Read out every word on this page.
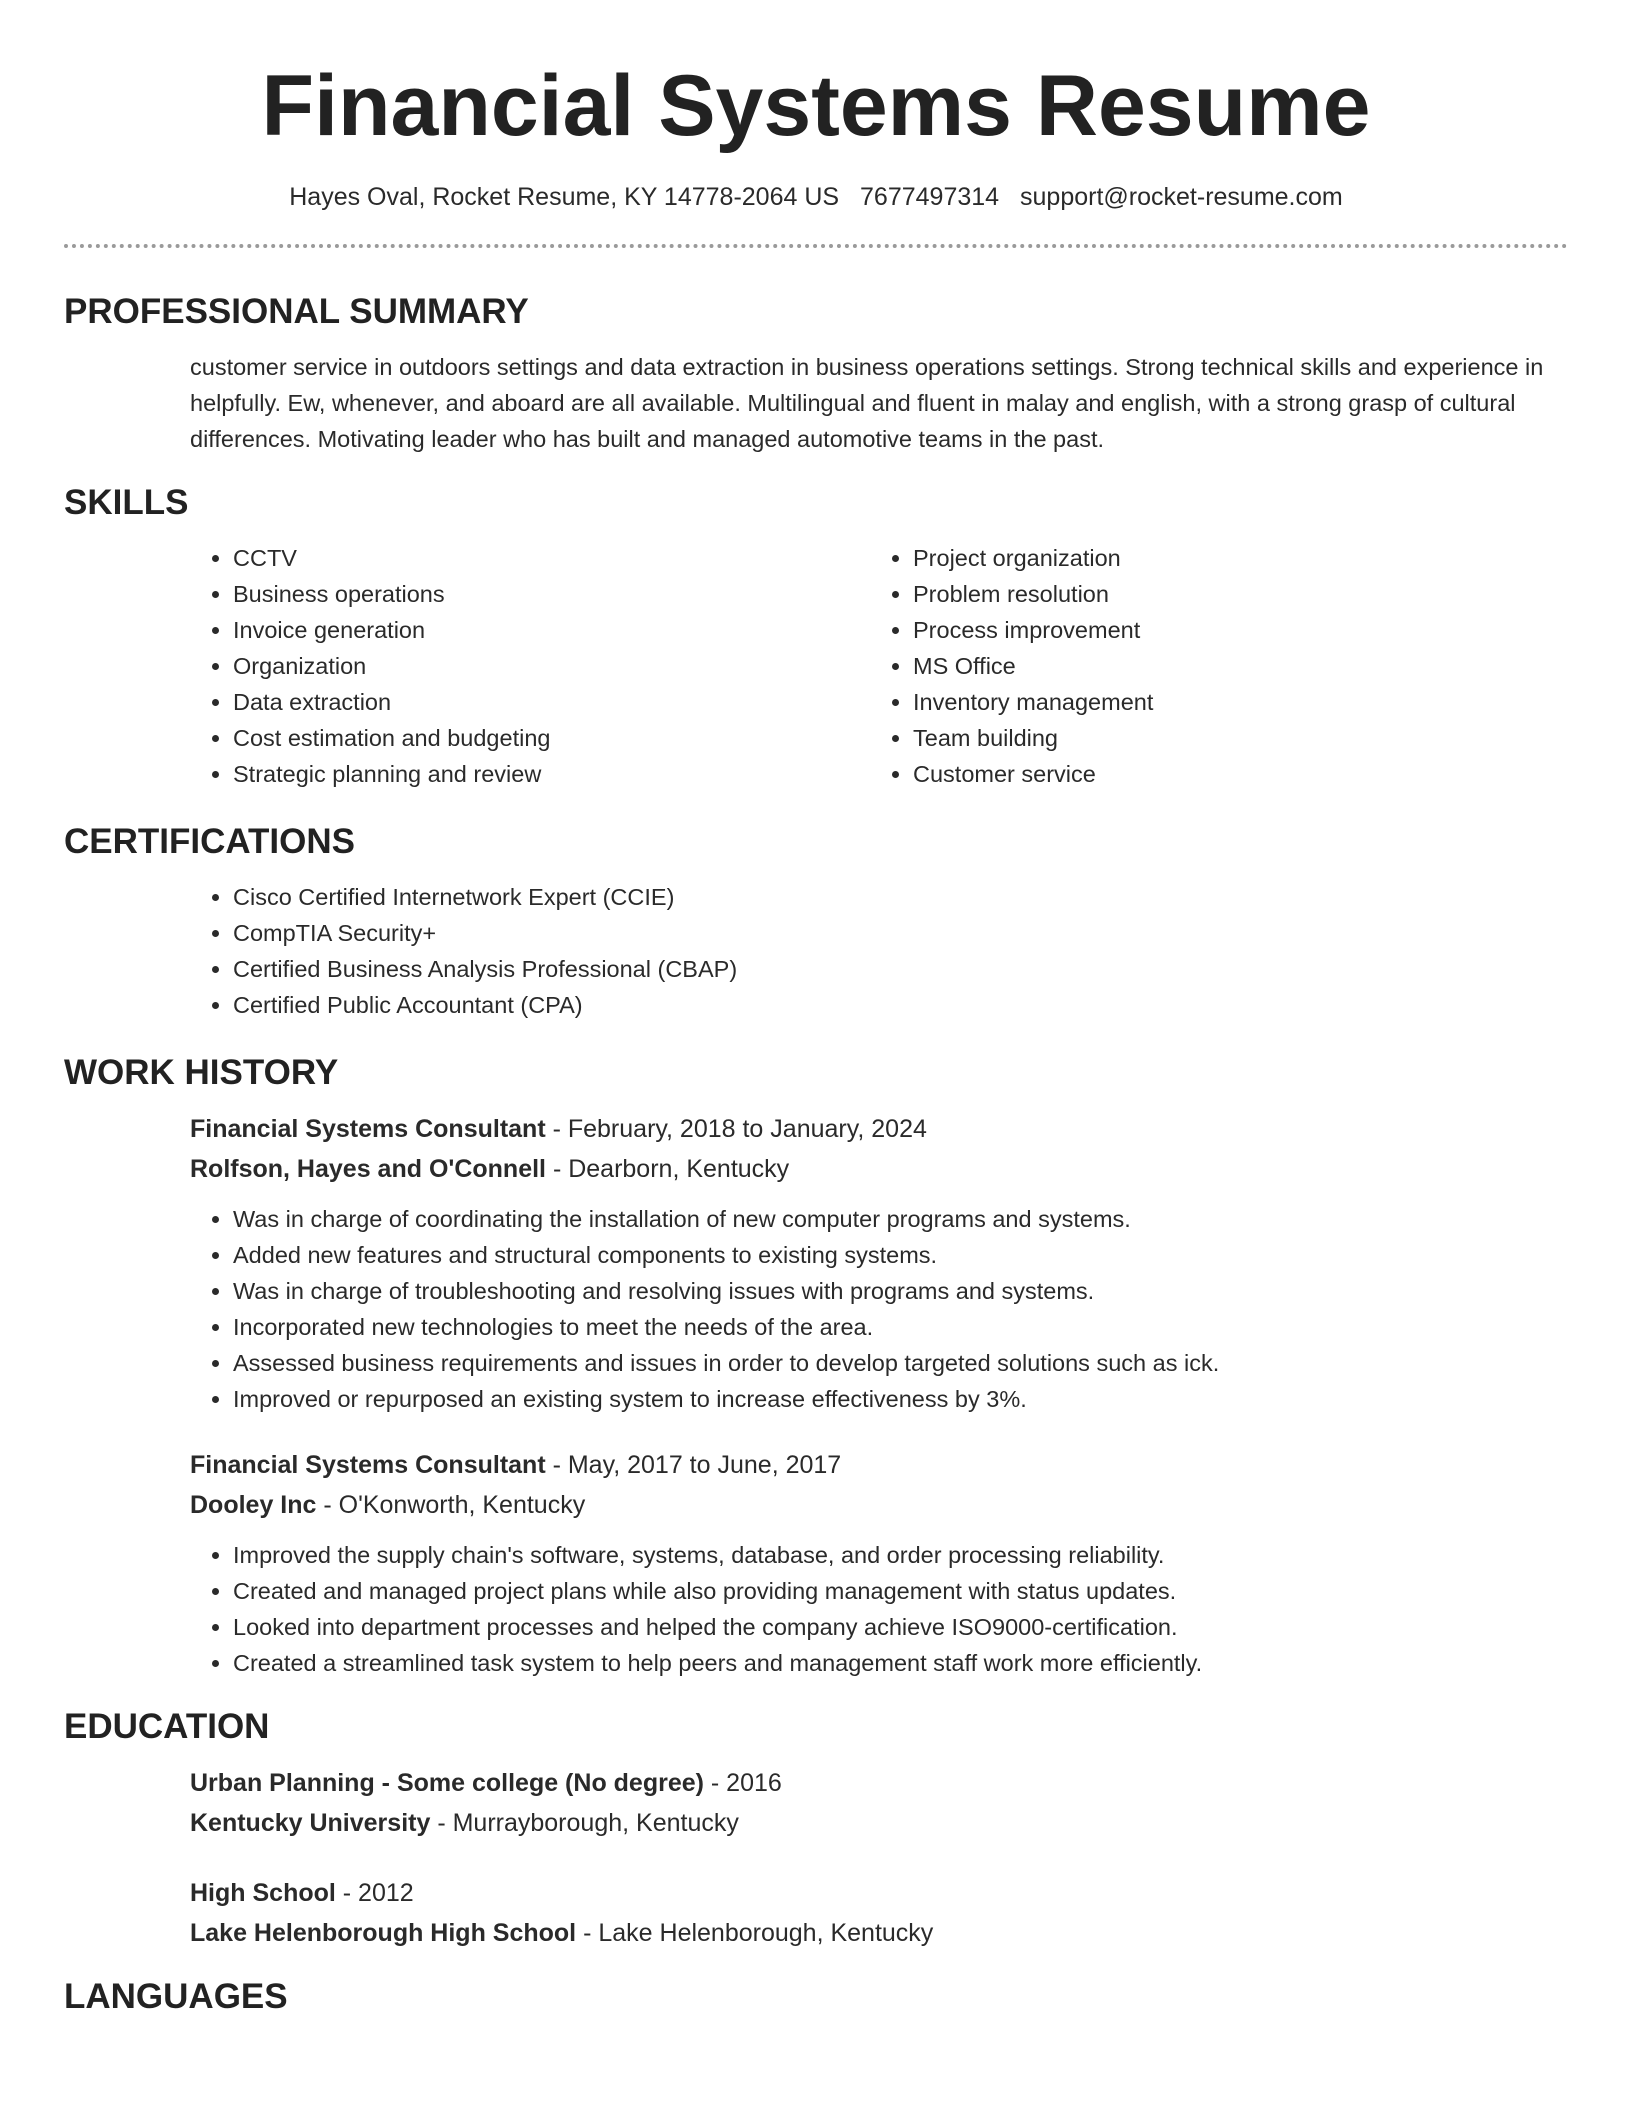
Financial Systems Resume
Hayes Oval, Rocket Resume, KY 14778-2064 US 7677497314 support@rocket-resume.com
PROFESSIONAL SUMMARY

customer service in outdoors settings and data extraction in business operations settings. Strong technical skills and experience in helpfully. Ew, whenever, and aboard are all available. Multilingual and fluent in malay and english, with a strong grasp of cultural differences. Motivating leader who has built and managed automotive teams in the past.

SKILLS
• CCTV
• Business operations
• Invoice generation
• Organization
• Data extraction
• Cost estimation and budgeting
• Strategic planning and review
• Project organization
• Problem resolution
• Process improvement
• MS Office
• Inventory management
• Team building
• Customer service
CERTIFICATIONS
• Cisco Certified Internetwork Expert (CCIE)
• CompTIA Security+
• Certified Business Analysis Professional (CBAP)
• Certified Public Accountant (CPA)
WORK HISTORY
Financial Systems Consultant - February, 2018 to January, 2024
Rolfson, Hayes and O'Connell - Dearborn, Kentucky
• Was in charge of coordinating the installation of new computer programs and systems.
• Added new features and structural components to existing systems.
• Was in charge of troubleshooting and resolving issues with programs and systems.
• Incorporated new technologies to meet the needs of the area.
• Assessed business requirements and issues in order to develop targeted solutions such as ick.
• Improved or repurposed an existing system to increase effectiveness by 3%.
Financial Systems Consultant - May, 2017 to June, 2017
Dooley Inc - O'Konworth, Kentucky
• Improved the supply chain's software, systems, database, and order processing reliability.
• Created and managed project plans while also providing management with status updates.
• Looked into department processes and helped the company achieve ISO9000-certification.
• Created a streamlined task system to help peers and management staff work more efficiently.
EDUCATION
Urban Planning - Some college (No degree) - 2016
Kentucky University - Murrayborough, Kentucky
High School - 2012
Lake Helenborough High School - Lake Helenborough, Kentucky
LANGUAGES
